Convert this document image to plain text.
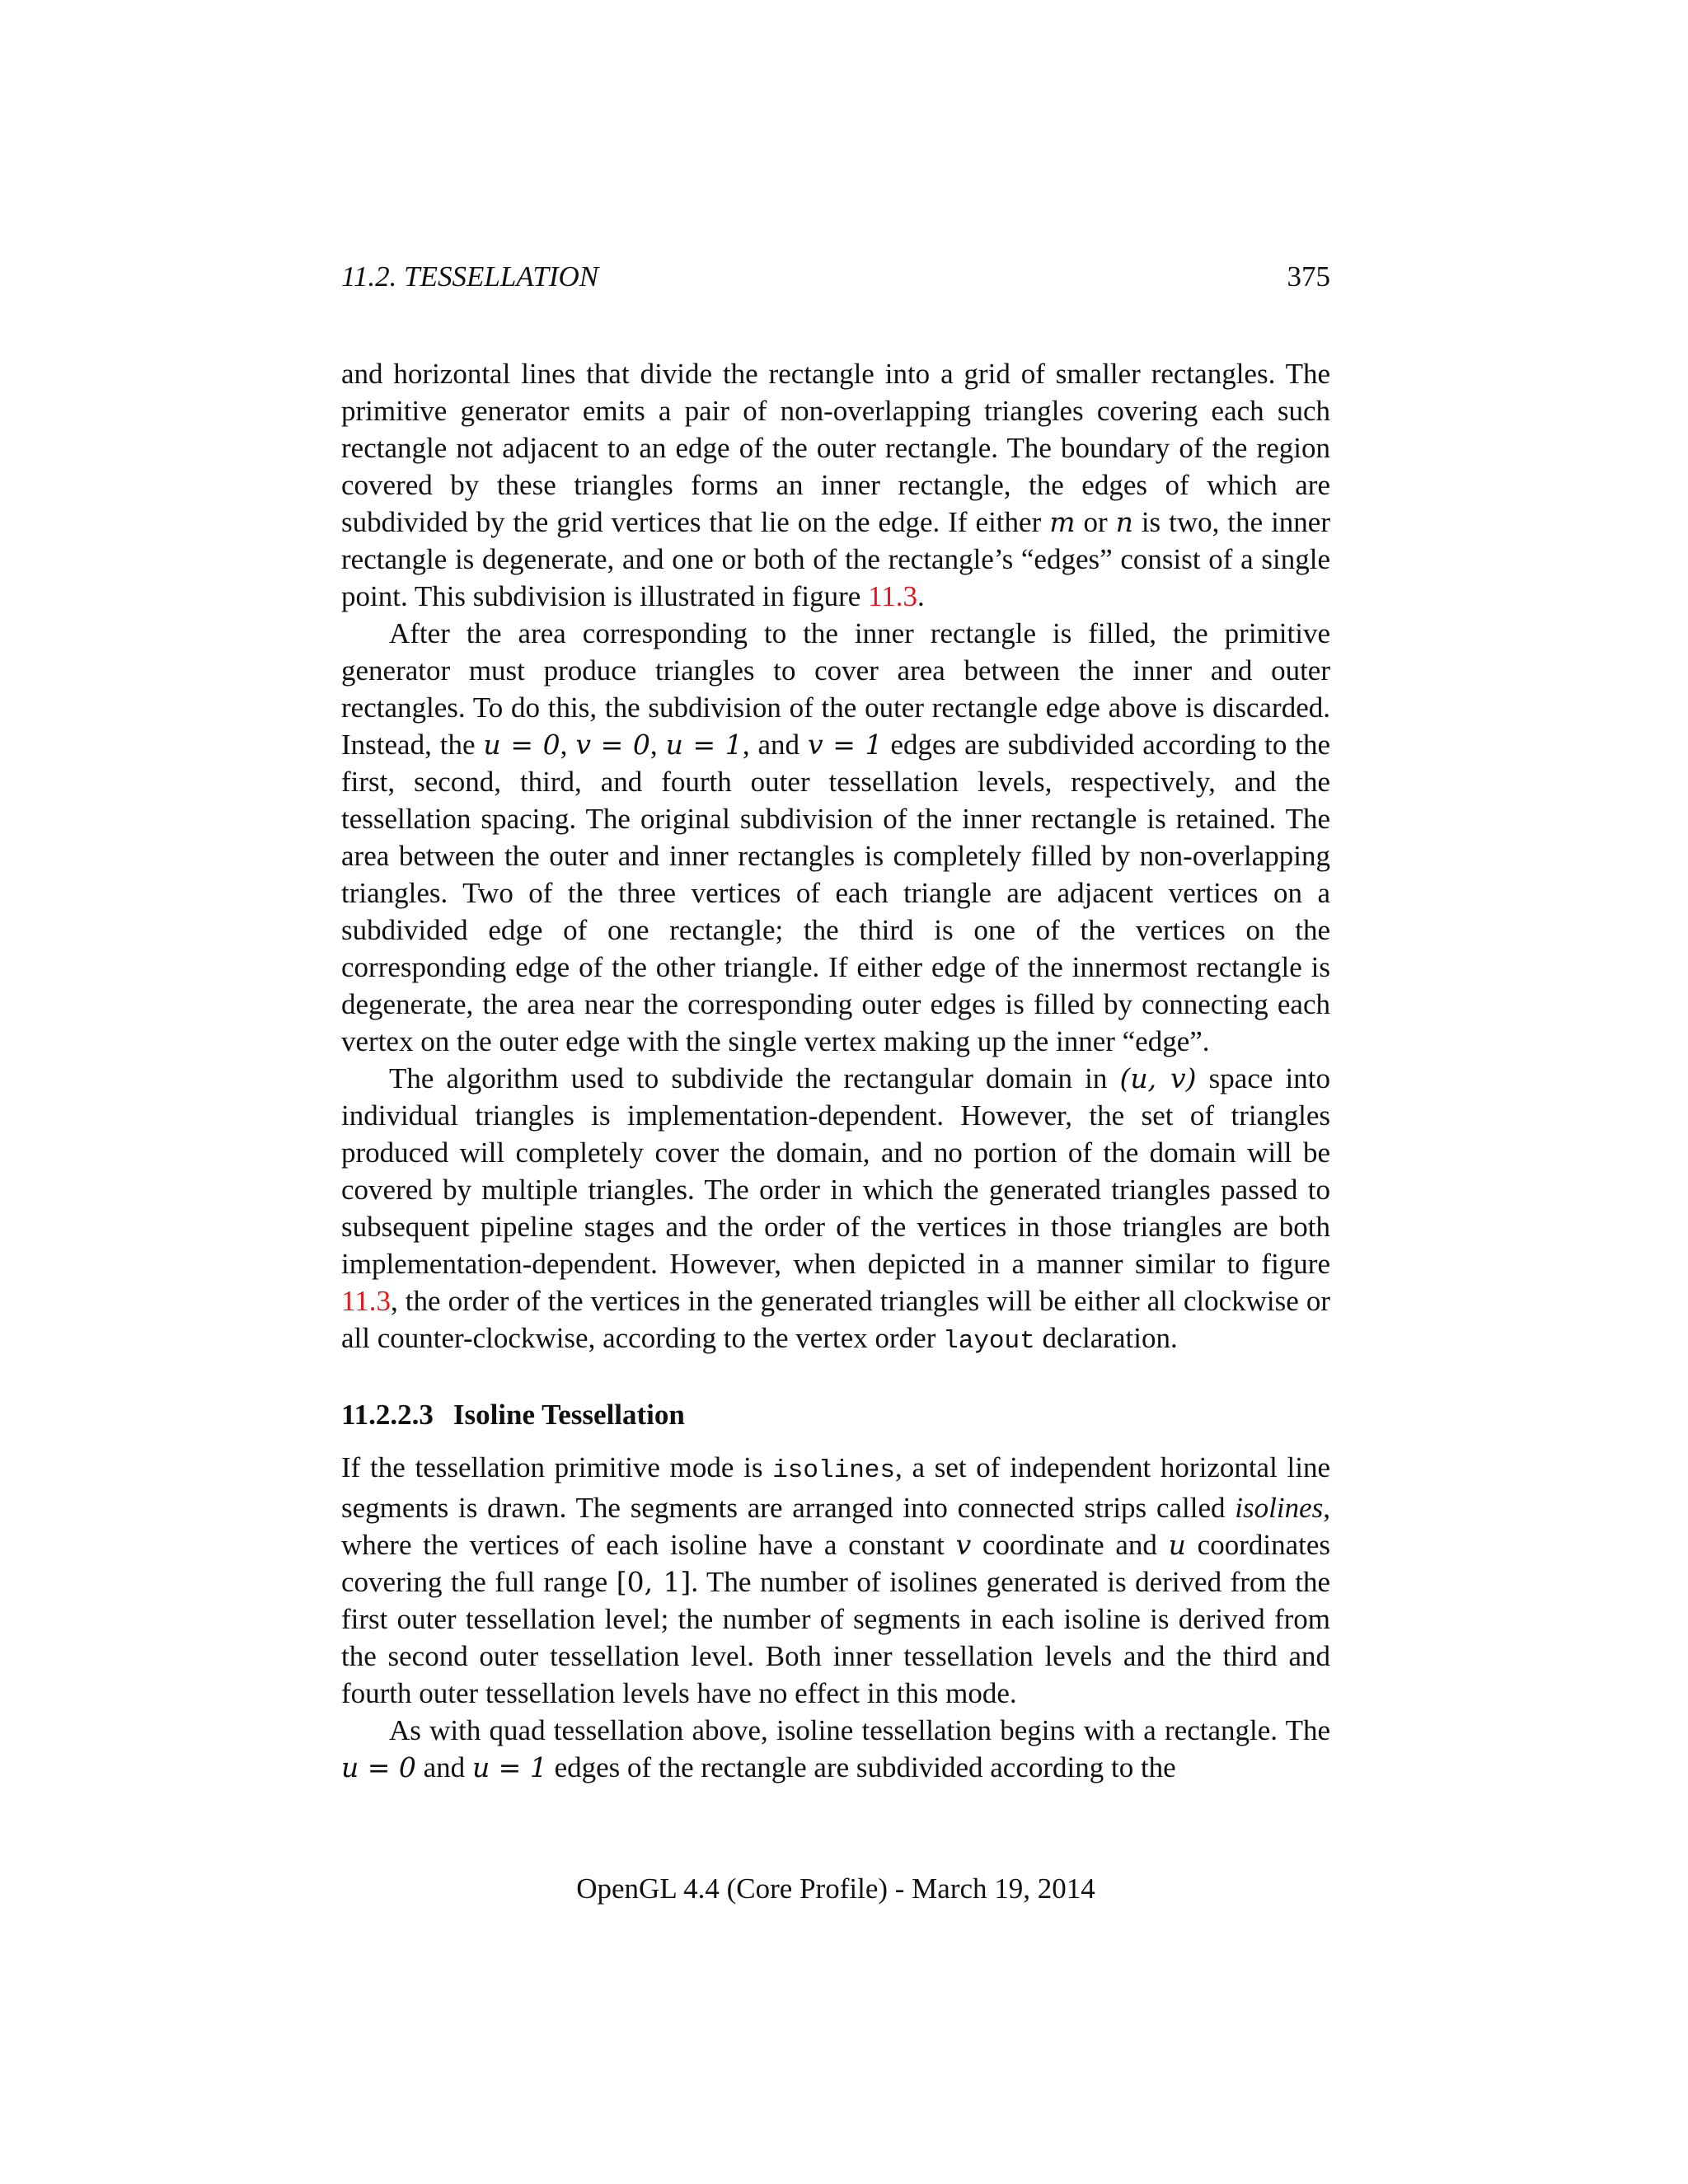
11.2. TESSELLATION	375

and horizontal lines that divide the rectangle into a grid of smaller rectangles. The primitive generator emits a pair of non-overlapping triangles covering each such rectangle not adjacent to an edge of the outer rectangle. The boundary of the region covered by these triangles forms an inner rectangle, the edges of which are subdivided by the grid vertices that lie on the edge. If either m or n is two, the inner rectangle is degenerate, and one or both of the rectangle’s “edges” consist of a single point. This subdivision is illustrated in figure 11.3.

After the area corresponding to the inner rectangle is filled, the primitive generator must produce triangles to cover area between the inner and outer rectangles. To do this, the subdivision of the outer rectangle edge above is discarded. Instead, the u = 0, v = 0, u = 1, and v = 1 edges are subdivided according to the first, second, third, and fourth outer tessellation levels, respectively, and the tessellation spacing. The original subdivision of the inner rectangle is retained. The area between the outer and inner rectangles is completely filled by non-overlapping triangles. Two of the three vertices of each triangle are adjacent vertices on a subdivided edge of one rectangle; the third is one of the vertices on the corresponding edge of the other triangle. If either edge of the innermost rectangle is degenerate, the area near the corresponding outer edges is filled by connecting each vertex on the outer edge with the single vertex making up the inner “edge”.

The algorithm used to subdivide the rectangular domain in (u, v) space into individual triangles is implementation-dependent. However, the set of triangles produced will completely cover the domain, and no portion of the domain will be covered by multiple triangles. The order in which the generated triangles passed to subsequent pipeline stages and the order of the vertices in those triangles are both implementation-dependent. However, when depicted in a manner similar to figure 11.3, the order of the vertices in the generated triangles will be either all clockwise or all counter-clockwise, according to the vertex order layout declaration.

11.2.2.3 Isoline Tessellation

If the tessellation primitive mode is isolines, a set of independent horizontal line segments is drawn. The segments are arranged into connected strips called isolines, where the vertices of each isoline have a constant v coordinate and u coordinates covering the full range [0, 1]. The number of isolines generated is derived from the first outer tessellation level; the number of segments in each isoline is derived from the second outer tessellation level. Both inner tessellation levels and the third and fourth outer tessellation levels have no effect in this mode.

As with quad tessellation above, isoline tessellation begins with a rectangle. The u = 0 and u = 1 edges of the rectangle are subdivided according to the

OpenGL 4.4 (Core Profile) - March 19, 2014
